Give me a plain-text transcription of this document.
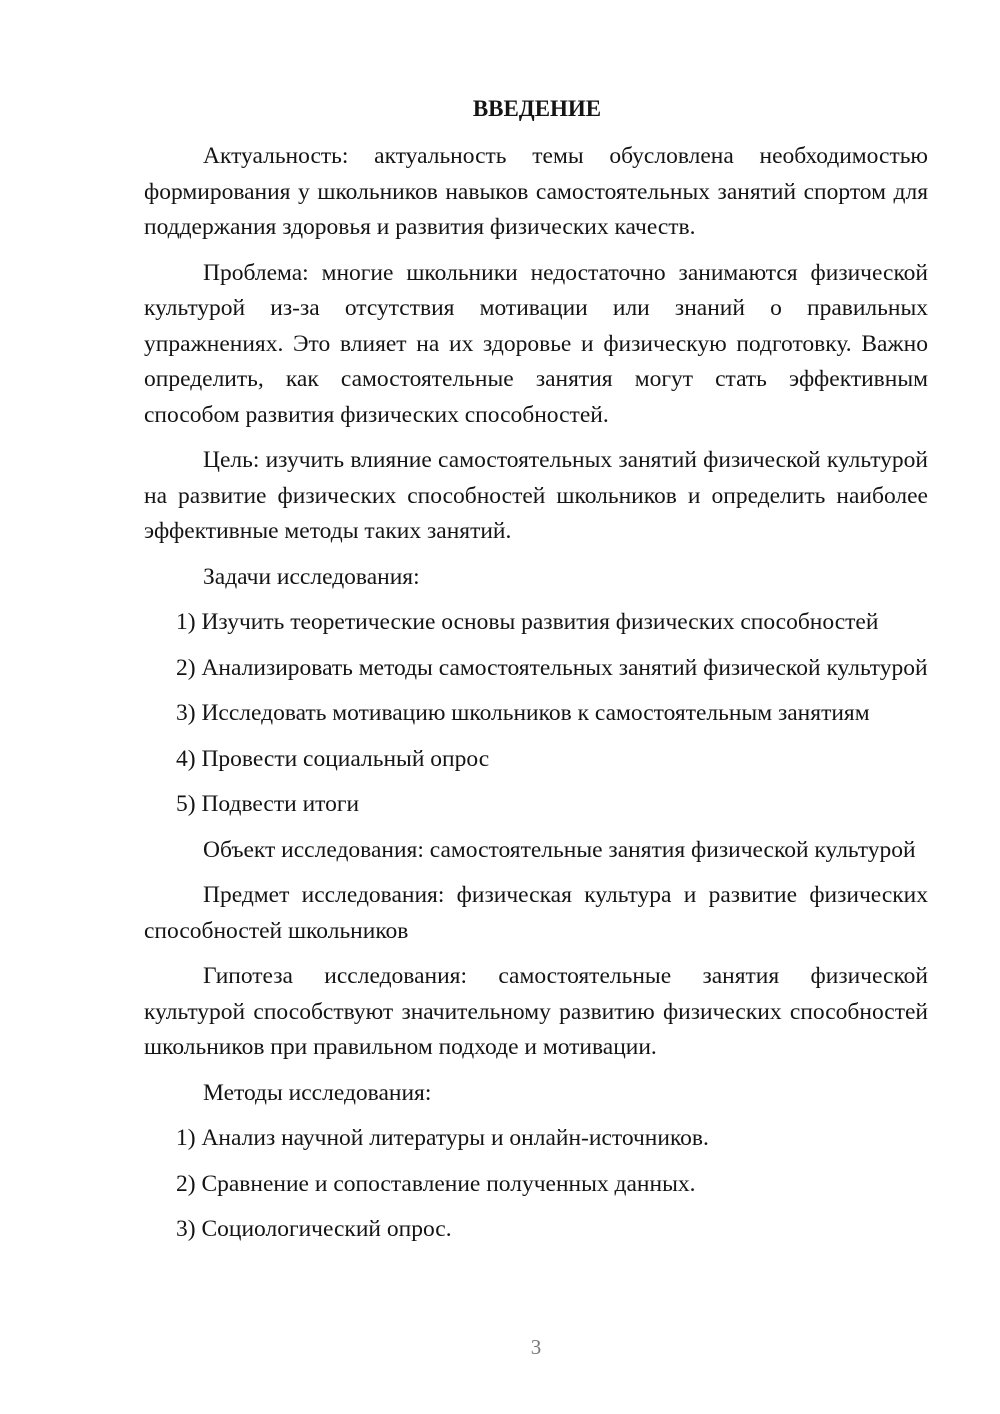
ВВЕДЕНИЕ

Актуальность: актуальность темы обусловлена необходимостью формирования у школьников навыков самостоятельных занятий спортом для поддержания здоровья и развития физических качеств.

Проблема: многие школьники недостаточно занимаются физической культурой из-за отсутствия мотивации или знаний о правильных упражнениях. Это влияет на их здоровье и физическую подготовку. Важно определить, как самостоятельные занятия могут стать эффективным способом развития физических способностей.

Цель: изучить влияние самостоятельных занятий физической культурой на развитие физических способностей школьников и определить наиболее эффективные методы таких занятий.

Задачи исследования:

1) Изучить теоретические основы развития физических способностей

2) Анализировать методы самостоятельных занятий физической культурой

3) Исследовать мотивацию школьников к самостоятельным занятиям

4) Провести социальный опрос

5) Подвести итоги

Объект исследования: самостоятельные занятия физической культурой

Предмет исследования: физическая культура и развитие физических способностей школьников

Гипотеза исследования: самостоятельные занятия физической культурой способствуют значительному развитию физических способностей школьников при правильном подходе и мотивации.

Методы исследования:

1) Анализ научной литературы и онлайн-источников.

2) Сравнение и сопоставление полученных данных.

3) Социологический опрос.

3
